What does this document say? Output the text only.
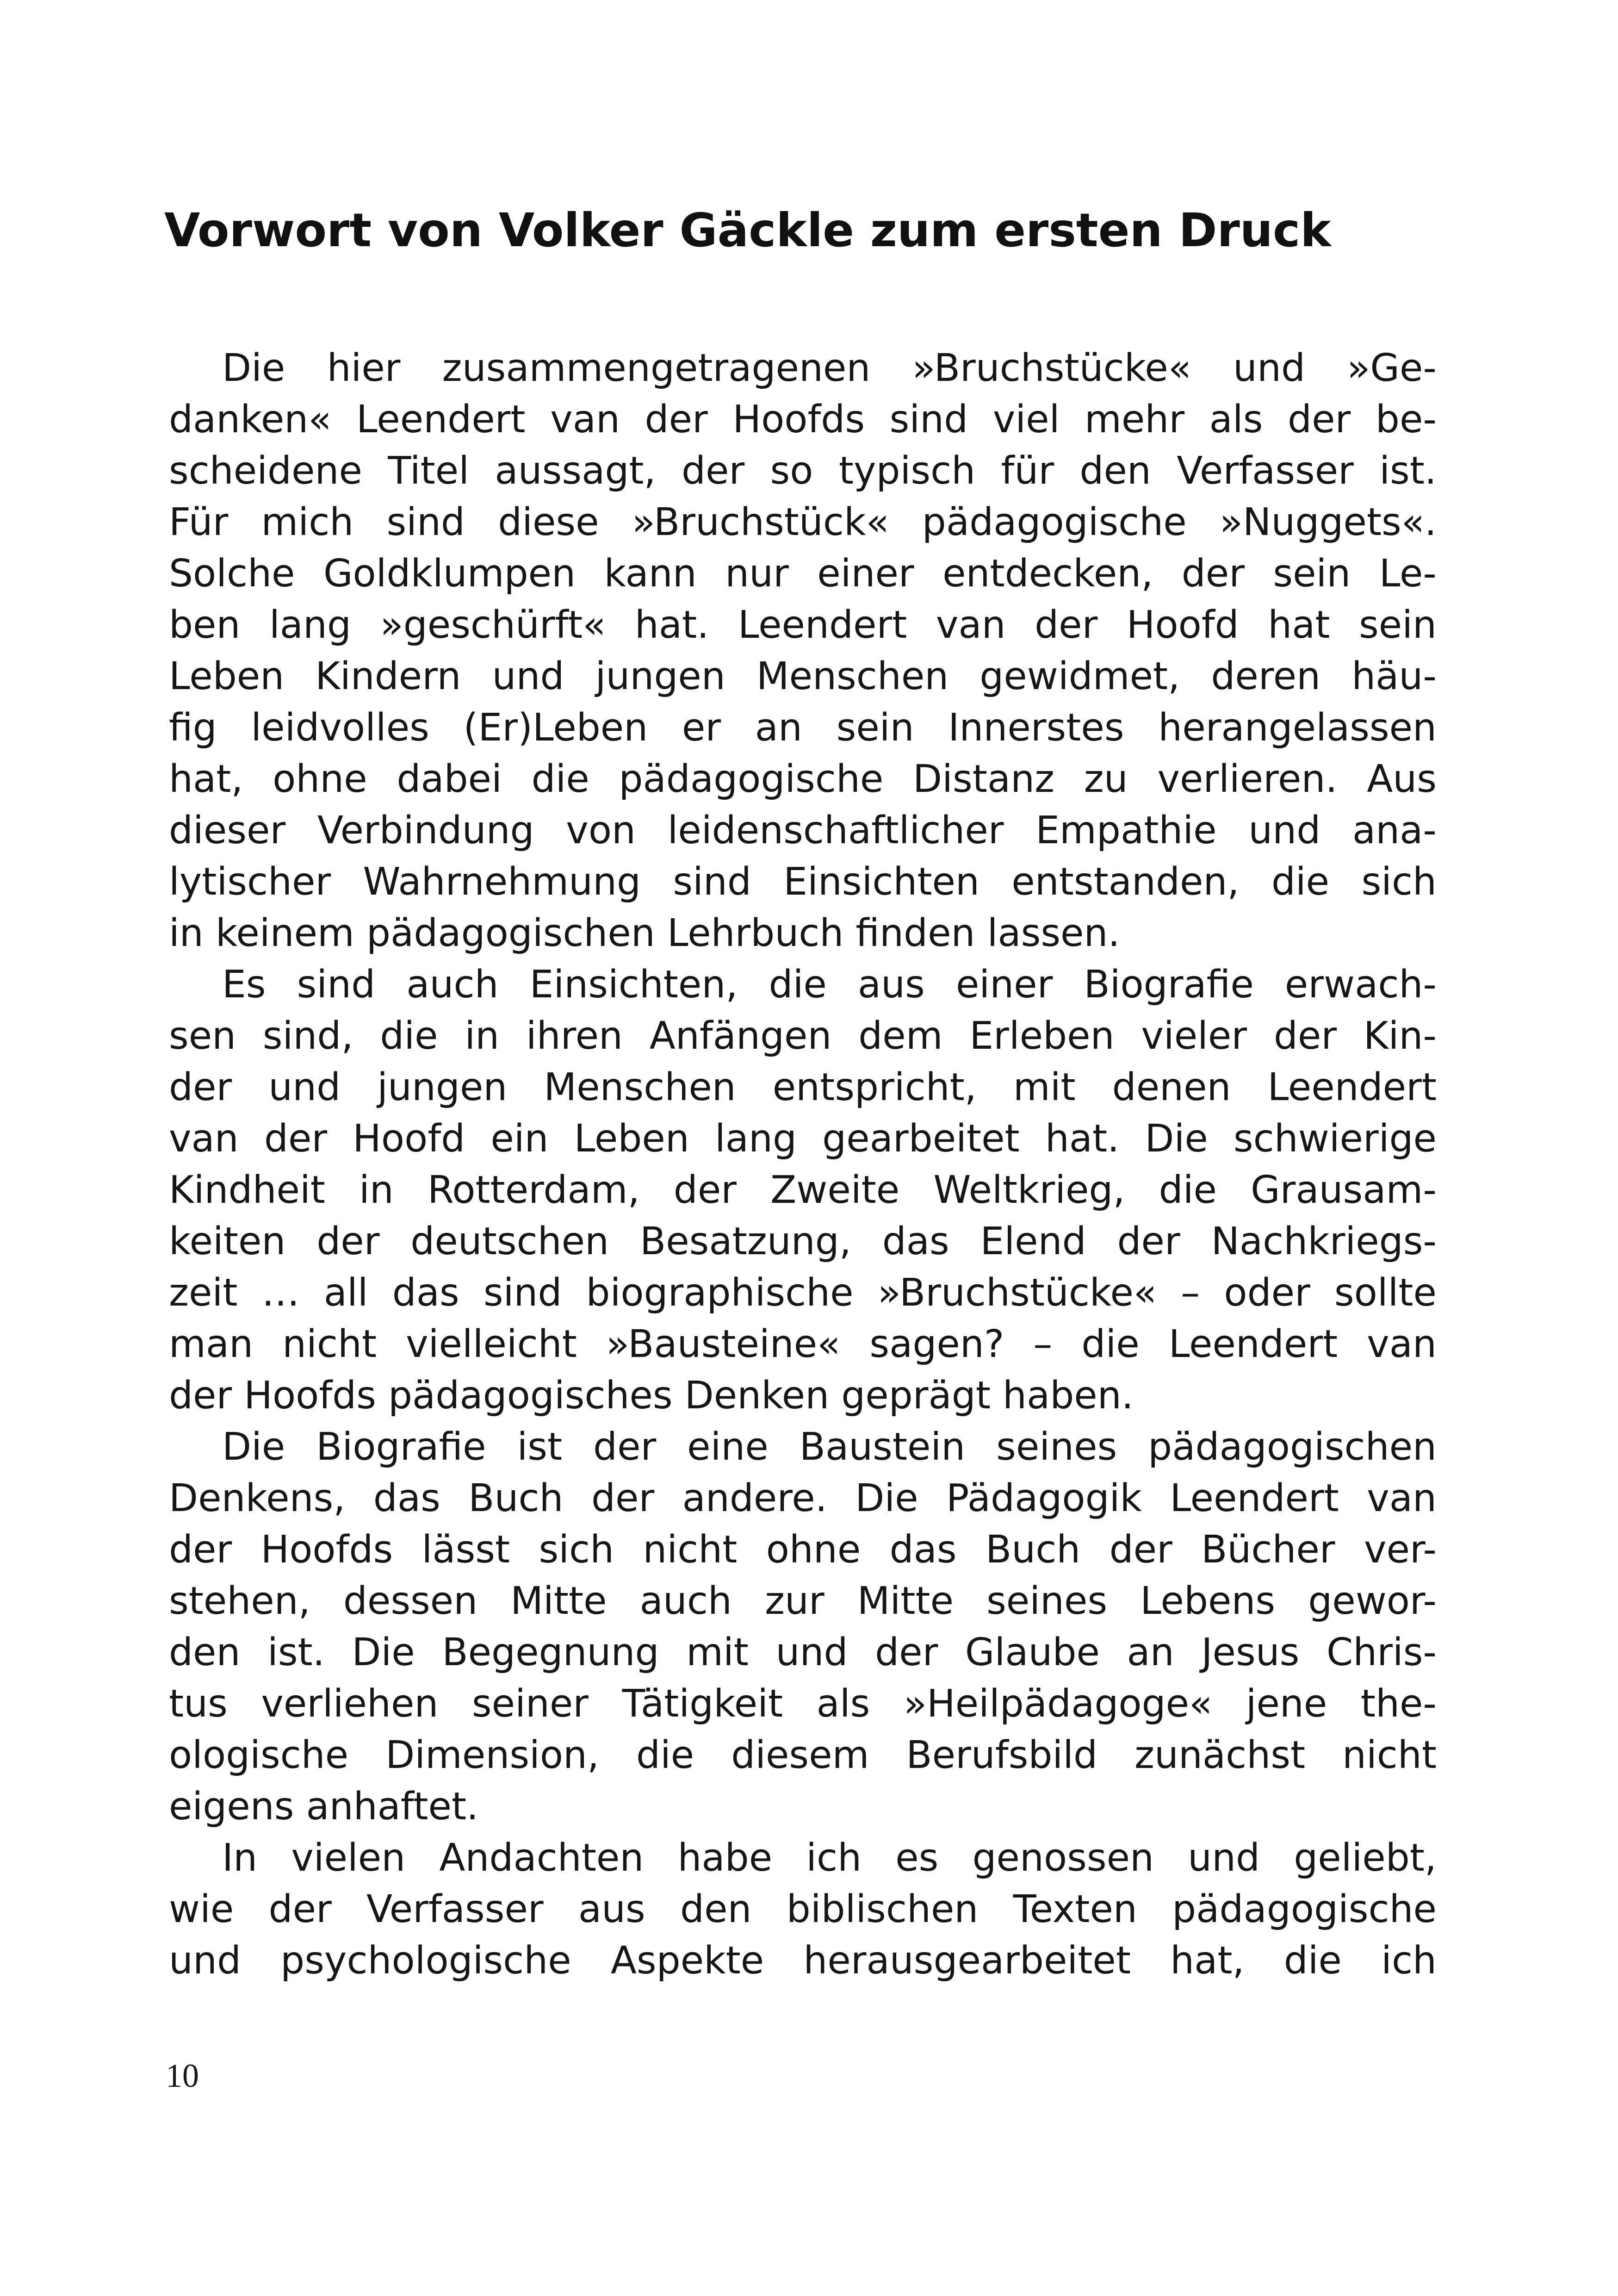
Vorwort von Volker Gäckle zum ersten Druck
Die hier zusammengetragenen »Bruchstücke« und »Ge-
danken« Leendert van der Hoofds sind viel mehr als der be-
scheidene Titel aussagt, der so typisch für den Verfasser ist.
Für mich sind diese »Bruchstück« pädagogische »Nuggets«.
Solche Goldklumpen kann nur einer entdecken, der sein Le-
ben lang »geschürft« hat. Leendert van der Hoofd hat sein
Leben Kindern und jungen Menschen gewidmet, deren häu-
fig leidvolles (Er)Leben er an sein Innerstes herangelassen
hat, ohne dabei die pädagogische Distanz zu verlieren. Aus
dieser Verbindung von leidenschaftlicher Empathie und ana-
lytischer Wahrnehmung sind Einsichten entstanden, die sich
in keinem pädagogischen Lehrbuch finden lassen.
Es sind auch Einsichten, die aus einer Biografie erwach-
sen sind, die in ihren Anfängen dem Erleben vieler der Kin-
der und jungen Menschen entspricht, mit denen Leendert
van der Hoofd ein Leben lang gearbeitet hat. Die schwierige
Kindheit in Rotterdam, der Zweite Weltkrieg, die Grausam-
keiten der deutschen Besatzung, das Elend der Nachkriegs-
zeit … all das sind biographische »Bruchstücke« – oder sollte
man nicht vielleicht »Bausteine« sagen? – die Leendert van
der Hoofds pädagogisches Denken geprägt haben.
Die Biografie ist der eine Baustein seines pädagogischen
Denkens, das Buch der andere. Die Pädagogik Leendert van
der Hoofds lässt sich nicht ohne das Buch der Bücher ver-
stehen, dessen Mitte auch zur Mitte seines Lebens gewor-
den ist. Die Begegnung mit und der Glaube an Jesus Chris-
tus verliehen seiner Tätigkeit als »Heilpädagoge« jene the-
ologische Dimension, die diesem Berufsbild zunächst nicht
eigens anhaftet.
In vielen Andachten habe ich es genossen und geliebt,
wie der Verfasser aus den biblischen Texten pädagogische
und psychologische Aspekte herausgearbeitet hat, die ich
10
